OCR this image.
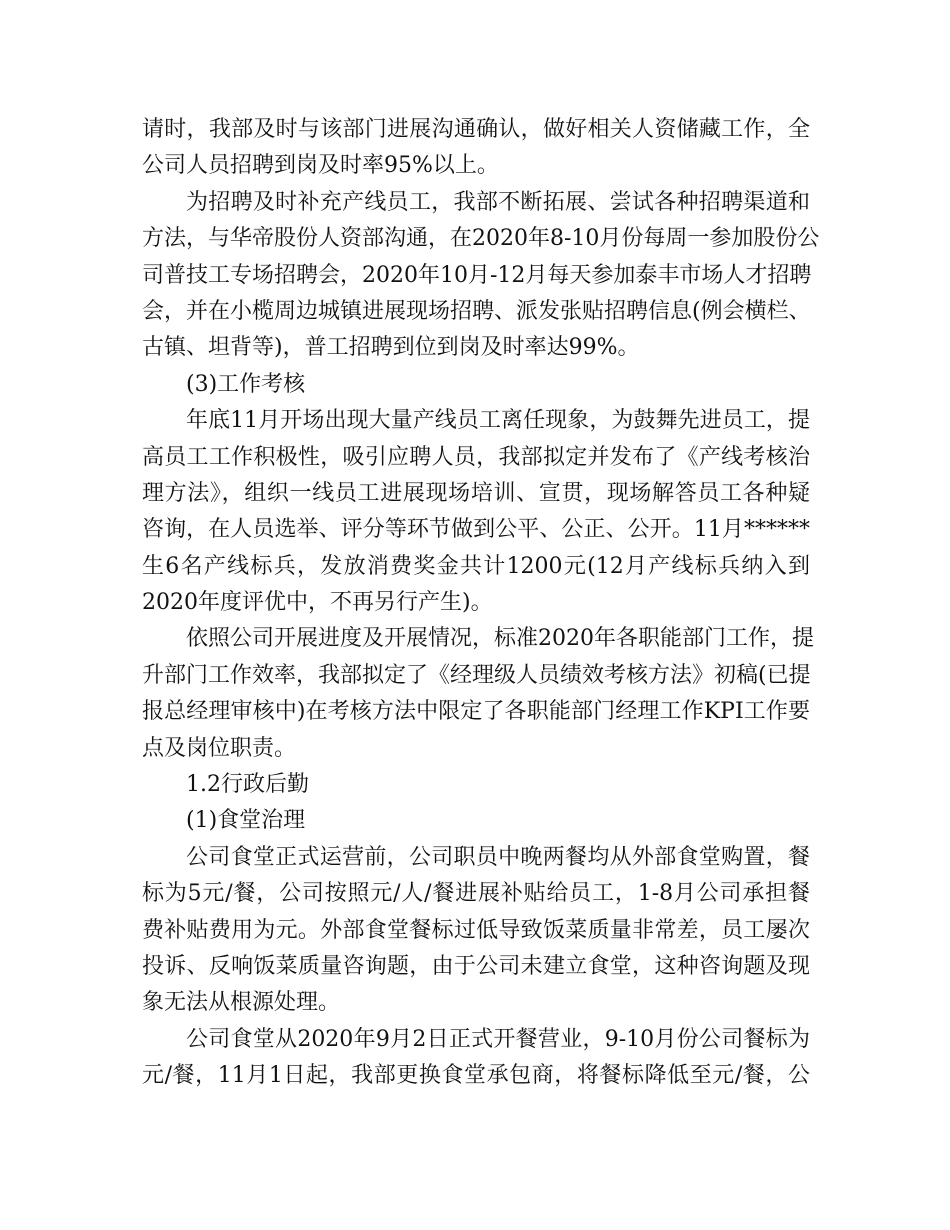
请时，我部及时与该部门进展沟通确认，做好相关人资储藏工作，全
公司人员招聘到岗及时率95%以上。
为招聘及时补充产线员工，我部不断拓展、尝试各种招聘渠道和
方法，与华帝股份人资部沟通，在2020年8-10月份每周一参加股份公
司普技工专场招聘会，2020年10月-12月每天参加泰丰市场人才招聘
会，并在小榄周边城镇进展现场招聘、派发张贴招聘信息(例会横栏、
古镇、坦背等)，普工招聘到位到岗及时率达99%。
(3)工作考核
年底11月开场出现大量产线员工离任现象，为鼓舞先进员工，提
高员工工作积极性，吸引应聘人员，我部拟定并发布了《产线考核治
理方法》，组织一线员工进展现场培训、宣贯，现场解答员工各种疑
咨询，在人员选举、评分等环节做到公平、公正、公开。11月******
生6名产线标兵，发放消费奖金共计1200元(12月产线标兵纳入到
2020年度评优中，不再另行产生)。
依照公司开展进度及开展情况，标准2020年各职能部门工作，提
升部门工作效率，我部拟定了《经理级人员绩效考核方法》初稿(已提
报总经理审核中)在考核方法中限定了各职能部门经理工作KPI工作要
点及岗位职责。
1.2行政后勤
(1)食堂治理
公司食堂正式运营前，公司职员中晚两餐均从外部食堂购置，餐
标为5元/餐，公司按照元/人/餐进展补贴给员工，1-8月公司承担餐
费补贴费用为元。外部食堂餐标过低导致饭菜质量非常差，员工屡次
投诉、反响饭菜质量咨询题，由于公司未建立食堂，这种咨询题及现
象无法从根源处理。
公司食堂从2020年9月2日正式开餐营业，9-10月份公司餐标为
元/餐，11月1日起，我部更换食堂承包商，将餐标降低至元/餐，公
